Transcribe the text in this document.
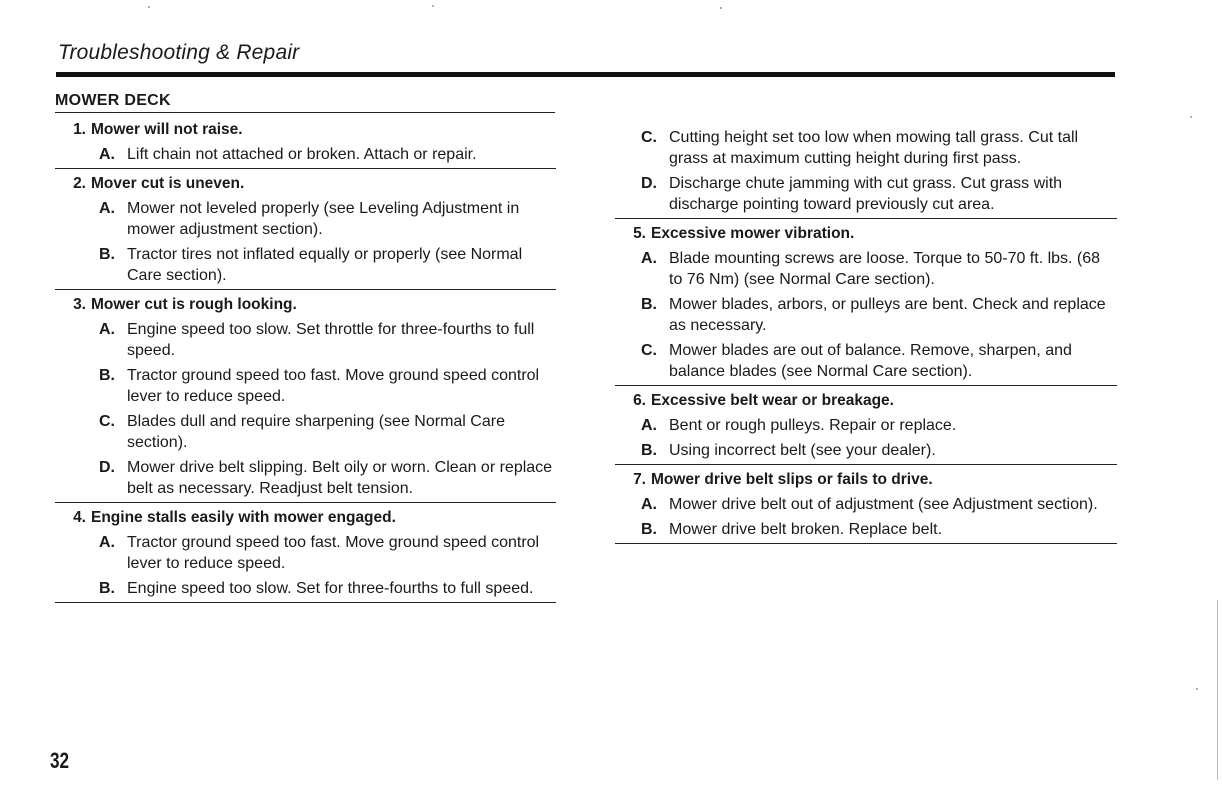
Troubleshooting & Repair
MOWER DECK
1. Mower will not raise.
A. Lift chain not attached or broken. Attach or repair.
2. Mover cut is uneven.
A. Mower not leveled properly (see Leveling Adjustment in mower adjustment section).
B. Tractor tires not inflated equally or properly (see Normal Care section).
3. Mower cut is rough looking.
A. Engine speed too slow. Set throttle for three-fourths to full speed.
B. Tractor ground speed too fast. Move ground speed control lever to reduce speed.
C. Blades dull and require sharpening (see Normal Care section).
D. Mower drive belt slipping. Belt oily or worn. Clean or replace belt as necessary. Readjust belt tension.
4. Engine stalls easily with mower engaged.
A. Tractor ground speed too fast. Move ground speed control lever to reduce speed.
B. Engine speed too slow. Set for three-fourths to full speed.
C. Cutting height set too low when mowing tall grass. Cut tall grass at maximum cutting height during first pass.
D. Discharge chute jamming with cut grass. Cut grass with discharge pointing toward previously cut area.
5. Excessive mower vibration.
A. Blade mounting screws are loose. Torque to 50-70 ft. lbs. (68 to 76 Nm) (see Normal Care section).
B. Mower blades, arbors, or pulleys are bent. Check and replace as necessary.
C. Mower blades are out of balance. Remove, sharpen, and balance blades (see Normal Care section).
6. Excessive belt wear or breakage.
A. Bent or rough pulleys. Repair or replace.
B. Using incorrect belt (see your dealer).
7. Mower drive belt slips or fails to drive.
A. Mower drive belt out of adjustment (see Adjustment section).
B. Mower drive belt broken. Replace belt.
32
